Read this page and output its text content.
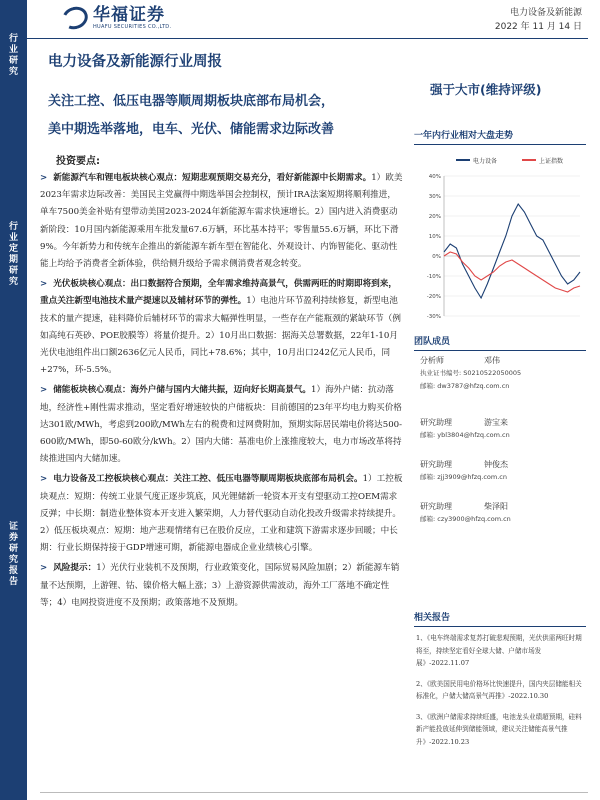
行业研究
行业定期研究
证券研究报告
华福证券
HUAFU SECURITIES CO.,LTD.
电力设备及新能源
2022 年 11 月 14 日
电力设备及新能源行业周报
关注工控、低压电器等顺周期板块底部布局机会，
美中期选举落地，电车、光伏、储能需求边际改善
强于大市(维持评级)
投资要点:

> 新能源汽车和锂电板块核心观点：短期悲观预期交易充分，看好新能源中长期需求。1）欧美2023年需求边际改善：美国民主党赢得中期选举国会控制权，预计IRA法案短期将顺利推进，单车7500美金补贴有望带动美国2023-2024年新能源车需求快速增长。2）国内进入消费驱动新阶段：10月国内新能源乘用车批发量67.6万辆，环比基本持平；零售量55.6万辆，环比下滑9%。今年新势力和传统车企推出的新能源车新车型在智能化、外观设计、内饰智能化、驱动性能上均给予消费者全新体验，供给侧升级给予需求侧消费者观念转变。

> 光伏板块核心观点：出口数据符合预期，全年需求维持高景气，供需两旺的时期即将到来，重点关注新型电池技术量产提速以及辅材环节的弹性。1）电池片环节盈利持续修复，新型电池技术的量产提速，硅料降价后辅材环节的需求大幅弹性明显，一些存在产能瓶颈的紧缺环节（例如高纯石英砂、POE胶膜等）将量价提升。2）10月出口数据：据海关总署数据，22年1-10月光伏电池组件出口额2636亿元人民币，同比+78.6%；其中，10月出口242亿元人民币，同+27%，环-5.5%。

> 储能板块核心观点：海外户储与国内大储共振，迈向好长期高景气。1）海外户储：抗动落地，经济性+刚性需求推动，坚定看好增速较快的户储板块：目前德国的23年平均电力购买价格达301欧/MWh，考虑到200欧/MWh左右的税费和过网费附加，预期实际居民端电价将达500-600欧/MWh，即50-60欧分/kWh。2）国内大储：基准电价上涨推度较大，电力市场改革将持续推进国内大储加速。

> 电力设备及工控板块核心观点：关注工控、低压电器等顺周期板块底部布局机会。1）工控板块观点：短期：传统工业景气度正逐步筑底，风光锂储新一轮资本开支有望驱动工控OEM需求反弹；中长期：制造业整体资本开支进入繁荣期，人力替代驱动自动化投改升级需求持续提升。2）低压板块观点：短期：地产悲观情绪有已在股价反应，工业和建筑下游需求逐步回暖；中长期：行业长期保持接于GDP增速可期，新能源电器成企业业绩核心引擎。

> 风险提示：1）光伏行业装机不及预期，行业政策变化，国际贸易风险加剧；2）新能源车销量不达预期，上游锂、钴、镍价格大幅上涨；3）上游资源供需波动，海外工厂落地不确定性等；4）电网投资进度不及预期；政策落地不及预期。

一年内行业相对大盘走势
电力设备	上证指数
40%
30%
20%
10%
0%
-10%
-20%
-30%
团队成员
分析师	邓伟
执业证书编号: S0210522050005
邮箱: dw3787@hfzq.com.cn
研究助理	游宝来
邮箱: ybl3804@hfzq.com.cn
研究助理	钟俊杰
邮箱: zjj3909@hfzq.com.cn
研究助理	柴泽阳
邮箱: czy3900@hfzq.com.cn
相关报告

1、《电车终端需求复苏打破悲观预期，光伏供需两旺时期将至，持续坚定看好全球大储、户储市场发展》-2022.11.07

2、《欧美国民用电价格环比快速提升，国内夹层储能相关标准化，户储大储高景气再推》-2022.10.30

3、《欧洲户储需求持续旺盛，电池龙头业绩超预期，硅料新产能投放延伸到储能领域，建议关注储能高景气推升》-2022.10.23
